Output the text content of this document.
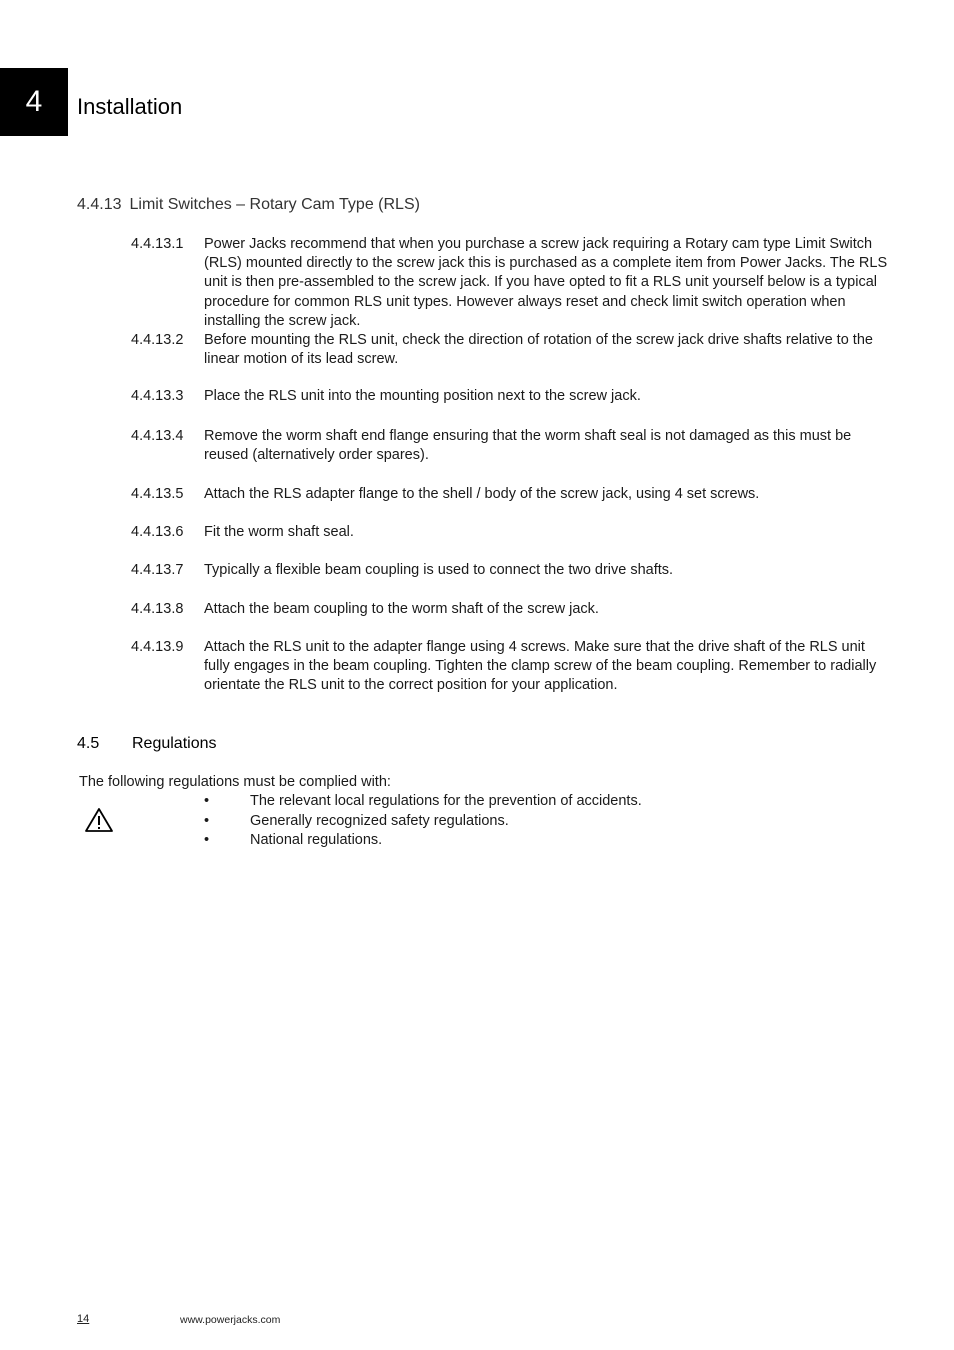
4	Installation
4.4.13 Limit Switches – Rotary Cam Type (RLS)
4.4.13.1	Power Jacks recommend that when you purchase a screw jack requiring a Rotary cam type Limit Switch (RLS) mounted directly to the screw jack this is purchased as a complete item from Power Jacks. The RLS unit is then pre-assembled to the screw jack. If you have opted to fit a RLS unit yourself below is a typical procedure for common RLS unit types. However always reset and check limit switch operation when installing the screw jack.
4.4.13.2	Before mounting the RLS unit, check the direction of rotation of the screw jack drive shafts relative to the linear motion of its lead screw.
4.4.13.3	Place the RLS unit into the mounting position next to the screw jack.
4.4.13.4	Remove the worm shaft end flange ensuring that the worm shaft seal is not damaged as this must be reused (alternatively order spares).
4.4.13.5	Attach the RLS adapter flange to the shell / body of the screw jack, using 4 set screws.
4.4.13.6	Fit the worm shaft seal.
4.4.13.7	Typically a flexible beam coupling is used to connect the two drive shafts.
4.4.13.8	Attach the beam coupling to the worm shaft of the screw jack.
4.4.13.9	Attach the RLS unit to the adapter flange using 4 screws. Make sure that the drive shaft of the RLS unit fully engages in the beam coupling. Tighten the clamp screw of the beam coupling. Remember to radially orientate the RLS unit to the correct position for your application.
4.5 Regulations
The following regulations must be complied with:
•	The relevant local regulations for the prevention of accidents.
•	Generally recognized safety regulations.
•	National regulations.
14	www.powerjacks.com
